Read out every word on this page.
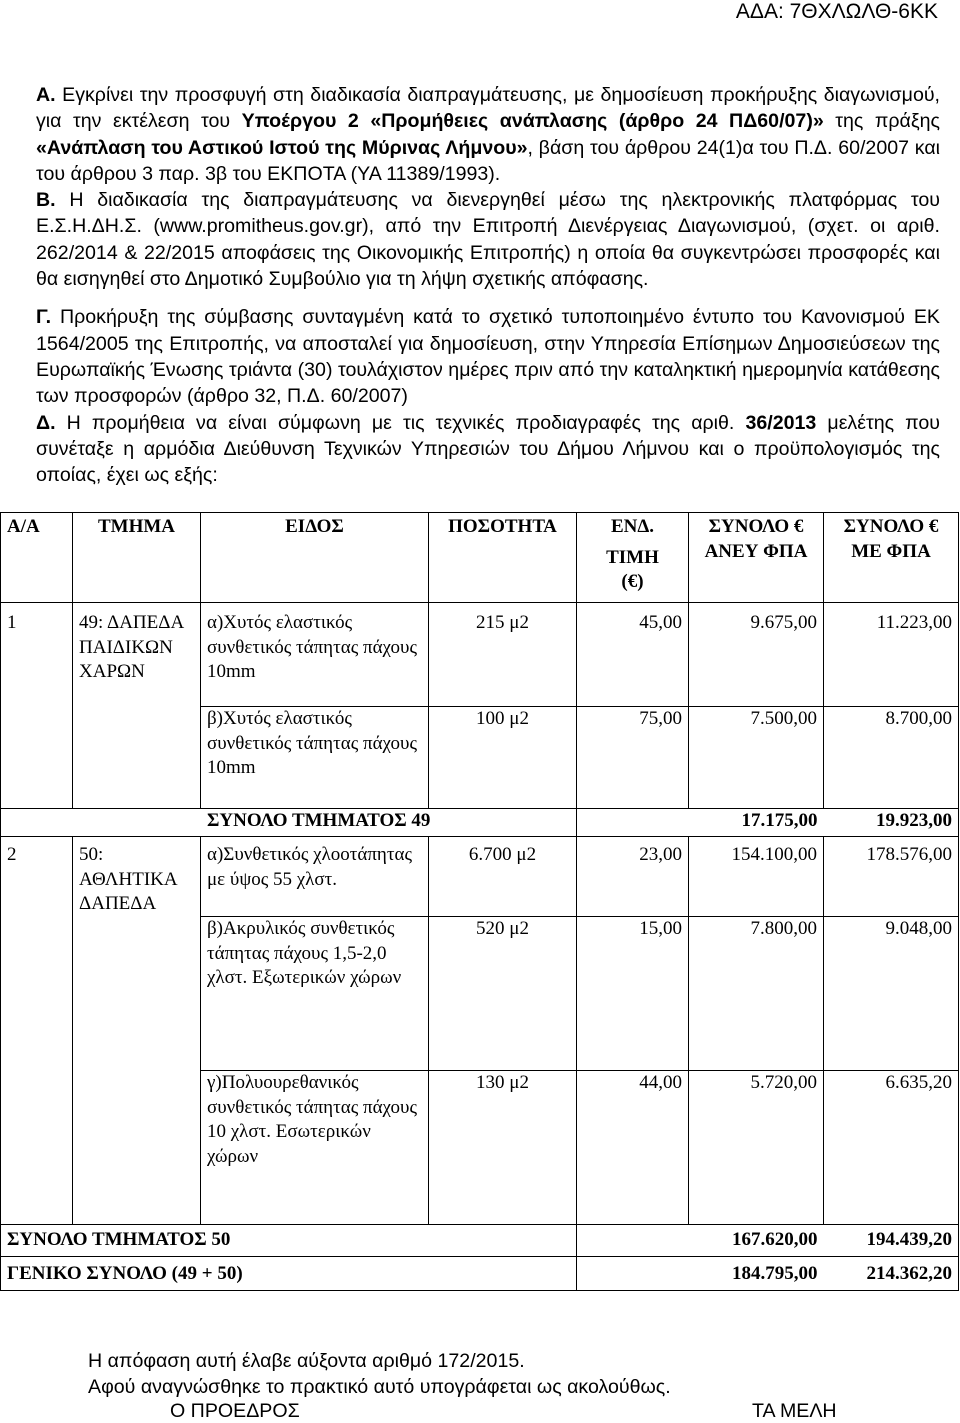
ΑΔΑ: 7ΘΧΛΩΛΘ-6ΚΚ

Α. Εγκρίνει την προσφυγή στη διαδικασία διαπραγμάτευσης, με δημοσίευση προκήρυξης διαγωνισμού, για την εκτέλεση του Υποέργου 2 «Προμήθειες ανάπλασης (άρθρο 24 ΠΔ60/07)» της πράξης «Ανάπλαση του Αστικού Ιστού της Μύρινας Λήμνου», βάση του άρθρου 24(1)α του Π.Δ. 60/2007 και του άρθρου 3 παρ. 3β του ΕΚΠΟΤΑ (ΥΑ 11389/1993).

Β. Η διαδικασία της διαπραγμάτευσης να διενεργηθεί μέσω της ηλεκτρονικής πλατφόρμας του Ε.Σ.Η.ΔΗ.Σ. (www.promitheus.gov.gr), από την Επιτροπή Διενέργειας Διαγωνισμού, (σχετ. οι αριθ. 262/2014 & 22/2015 αποφάσεις της Οικονομικής Επιτροπής) η οποία θα συγκεντρώσει προσφορές και θα εισηγηθεί στο Δημοτικό Συμβούλιο για τη λήψη σχετικής απόφασης.

Γ. Προκήρυξη της σύμβασης συνταγμένη κατά το σχετικό τυποποιημένο έντυπο του Κανονισμού ΕΚ 1564/2005 της Επιτροπής, να αποσταλεί για δημοσίευση, στην Υπηρεσία Επίσημων Δημοσιεύσεων της Ευρωπαϊκής Ένωσης τριάντα (30) τουλάχιστον ημέρες πριν από την καταληκτική ημερομηνία κατάθεσης των προσφορών (άρθρο 32, Π.Δ. 60/2007)

Δ. Η προμήθεια να είναι σύμφωνη με τις τεχνικές προδιαγραφές της αριθ. 36/2013 μελέτης που συνέταξε η αρμόδια Διεύθυνση Τεχνικών Υπηρεσιών του Δήμου Λήμνου και ο προϋπολογισμός της οποίας, έχει ως εξής:

Α/Α	ΤΜΗΜΑ	ΕΙΔΟΣ	ΠΟΣΟΤΗΤΑ	ΕΝΔ.
ΤΙΜΗ
(€)	ΣΥΝΟΛΟ € ΑΝΕΥ ΦΠΑ	ΣΥΝΟΛΟ € ΜΕ ΦΠΑ
1	49: ΔΑΠΕΔΑ ΠΑΙΔΙΚΩΝ ΧΑΡΩΝ	α)Χυτός ελαστικός συνθετικός τάπητας πάχους 10mm	215 μ2	45,00	9.675,00	11.223,00
		β)Χυτός ελαστικός συνθετικός τάπητας πάχους 10mm	100 μ2	75,00	7.500,00	8.700,00
ΣΥΝΟΛΟ ΤΜΗΜΑΤΟΣ 49					17.175,00	19.923,00
2	50: ΑΘΛΗΤΙΚΑ ΔΑΠΕΔΑ	α)Συνθετικός χλοοτάπητας με ύψος 55 χλστ.	6.700 μ2	23,00	154.100,00	178.576,00
		β)Ακρυλικός συνθετικός τάπητας πάχους 1,5-2,0 χλστ. Εξωτερικών χώρων	520 μ2	15,00	7.800,00	9.048,00
		γ)Πολυουρεθανικός συνθετικός τάπητας πάχους 10 χλστ. Εσωτερικών χώρων	130 μ2	44,00	5.720,00	6.635,20
ΣΥΝΟΛΟ ΤΜΗΜΑΤΟΣ 50					167.620,00	194.439,20
ΓΕΝΙΚΟ ΣΥΝΟΛΟ (49 + 50)					184.795,00	214.362,20
Η απόφαση αυτή έλαβε αύξοντα αριθμό 172/2015.
Αφού αναγνώσθηκε το πρακτικό αυτό υπογράφεται ως ακολούθως.
Ο ΠΡΟΕΔΡΟΣ	ΤΑ ΜΕΛΗ
